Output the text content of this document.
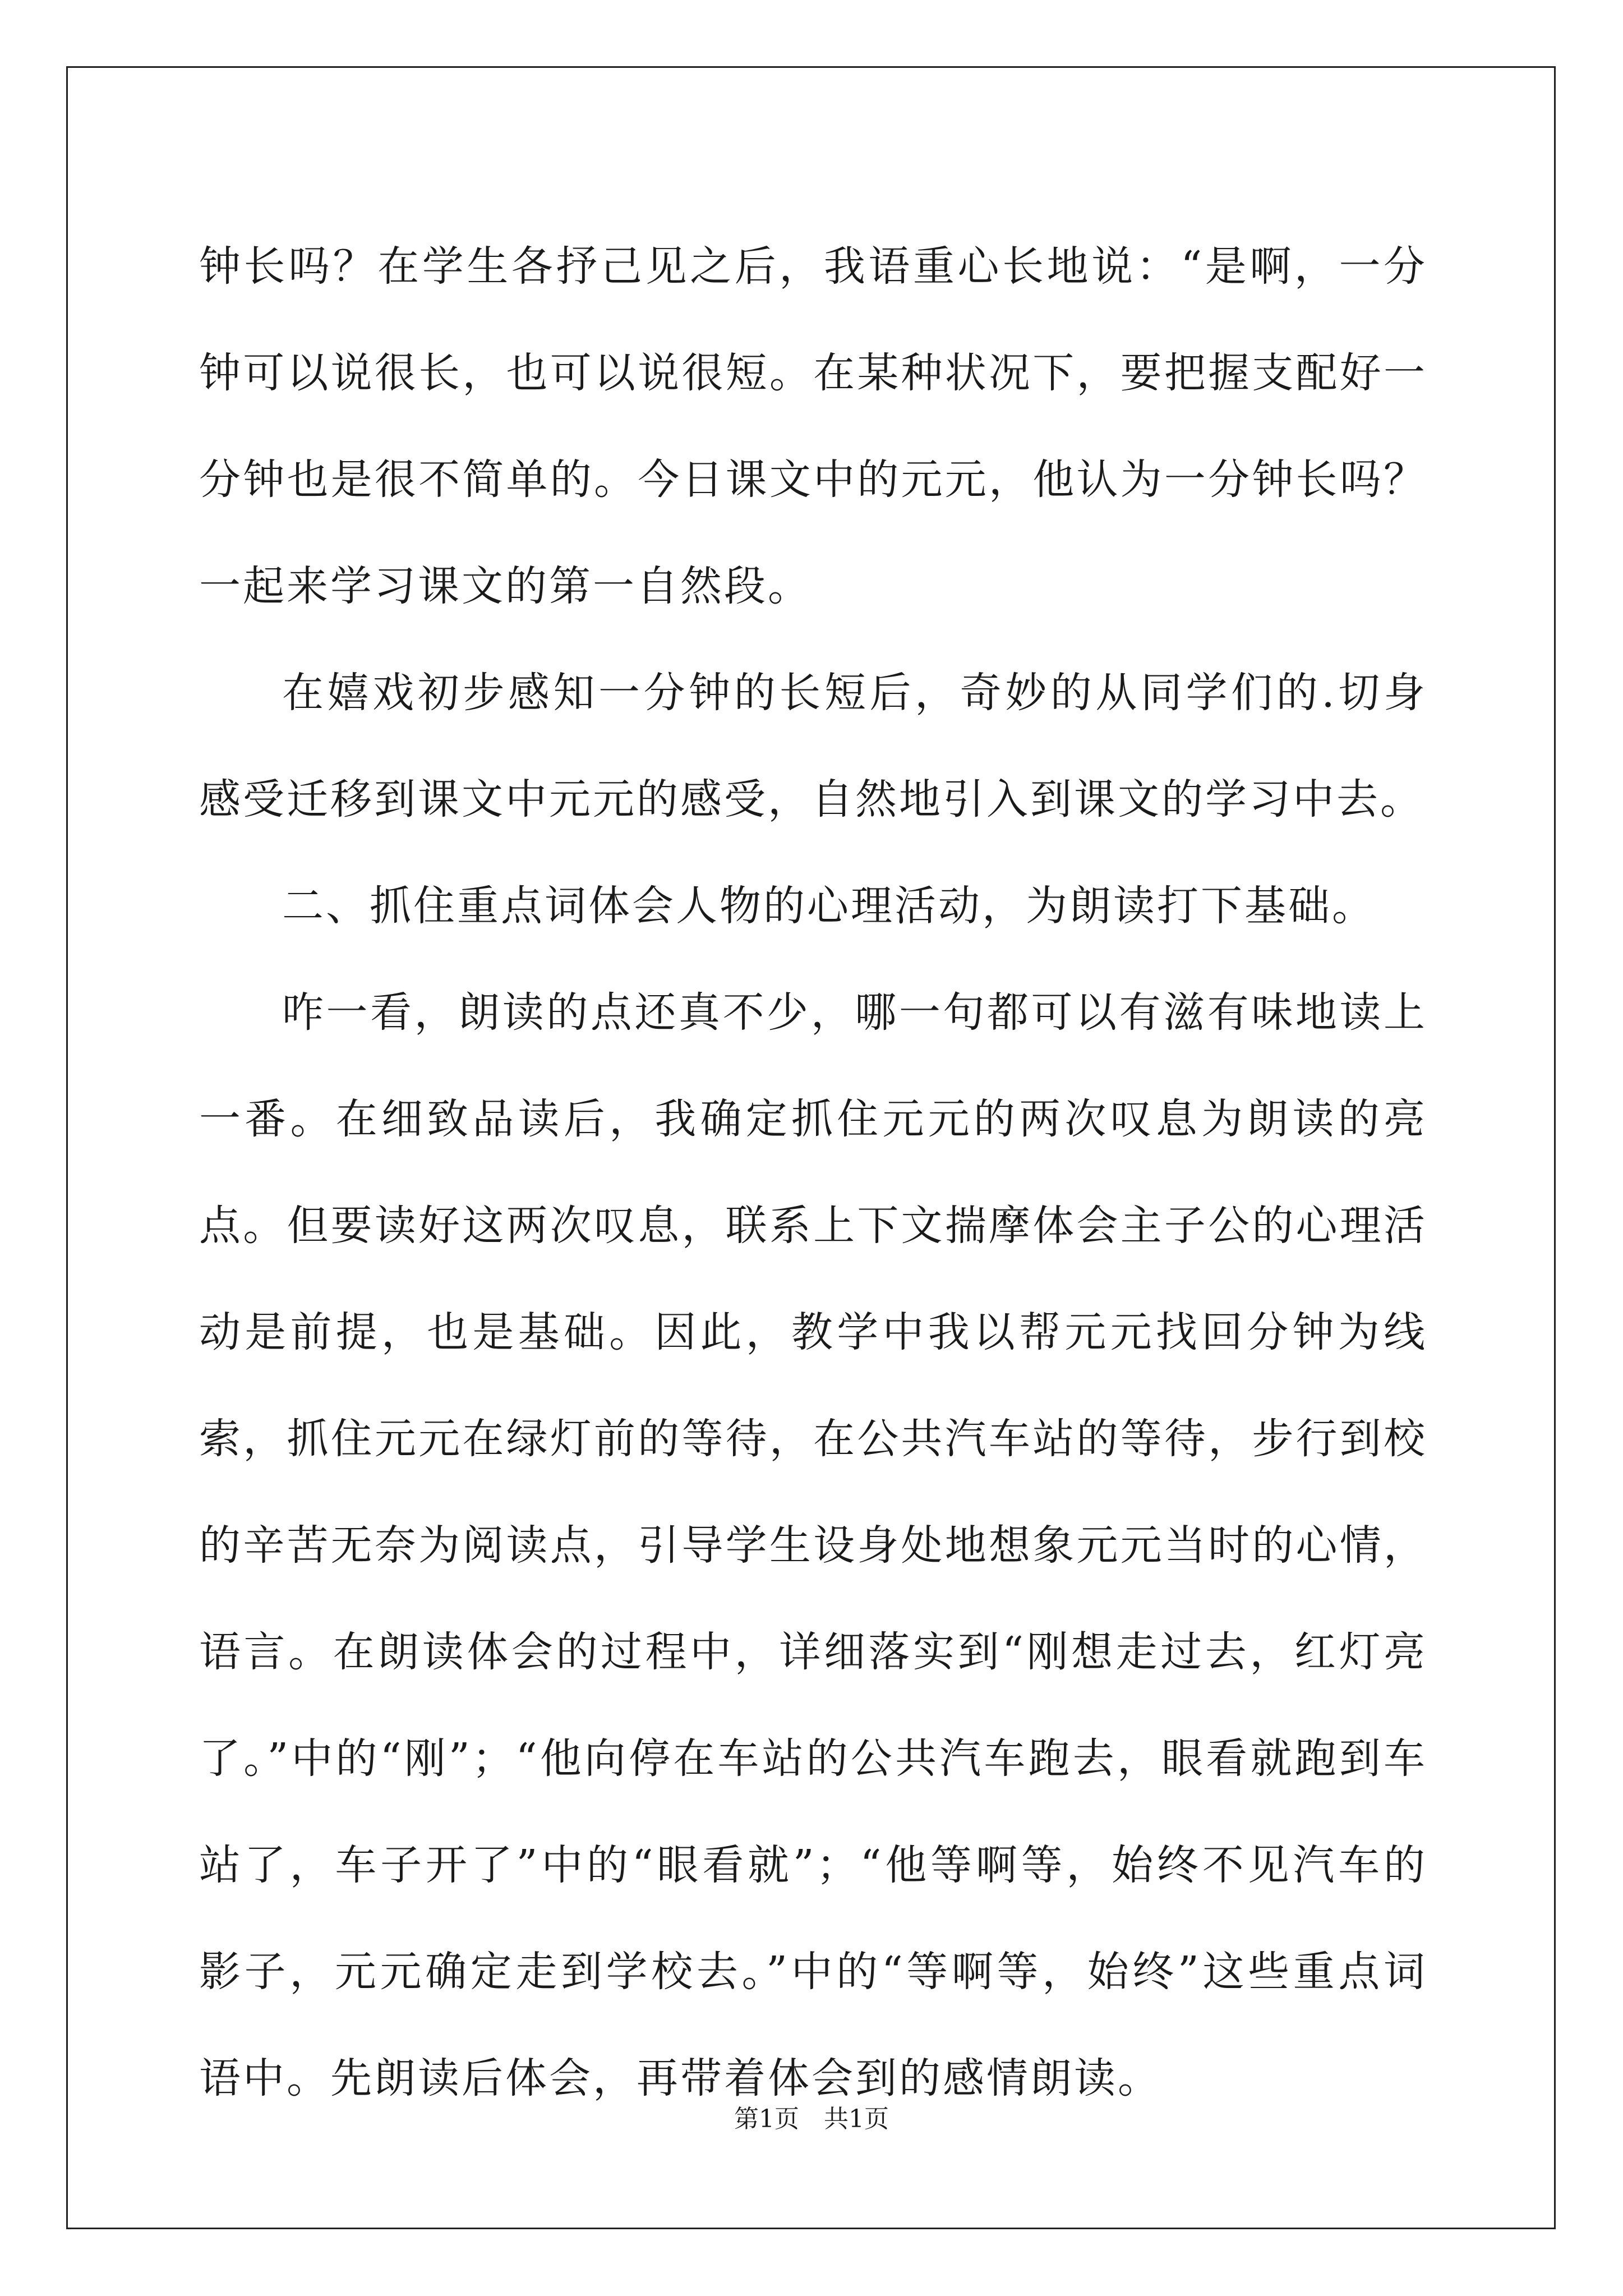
钟长吗？在学生各抒己见之后，我语重心长地说：“是啊，一分钟可以说很长，也可以说很短。在某种状况下，要把握支配好一分钟也是很不简单的。今日课文中的元元，他认为一分钟长吗？一起来学习课文的第一自然段。

在嬉戏初步感知一分钟的长短后，奇妙的从同学们的.切身感受迁移到课文中元元的感受，自然地引入到课文的学习中去。

二、抓住重点词体会人物的心理活动，为朗读打下基础。

咋一看，朗读的点还真不少，哪一句都可以有滋有味地读上一番。在细致品读后，我确定抓住元元的两次叹息为朗读的亮点。但要读好这两次叹息，联系上下文揣摩体会主子公的心理活动是前提，也是基础。因此，教学中我以帮元元找回分钟为线索，抓住元元在绿灯前的等待，在公共汽车站的等待，步行到校的辛苦无奈为阅读点，引导学生设身处地想象元元当时的心情，语言。在朗读体会的过程中，详细落实到“刚想走过去，红灯亮了。”中的“刚”；“他向停在车站的公共汽车跑去，眼看就跑到车站了，车子开了”中的“眼看就”；“他等啊等，始终不见汽车的影子，元元确定走到学校去。”中的“等啊等，始终”这些重点词语中。先朗读后体会，再带着体会到的感情朗读。

第1页 共1页
